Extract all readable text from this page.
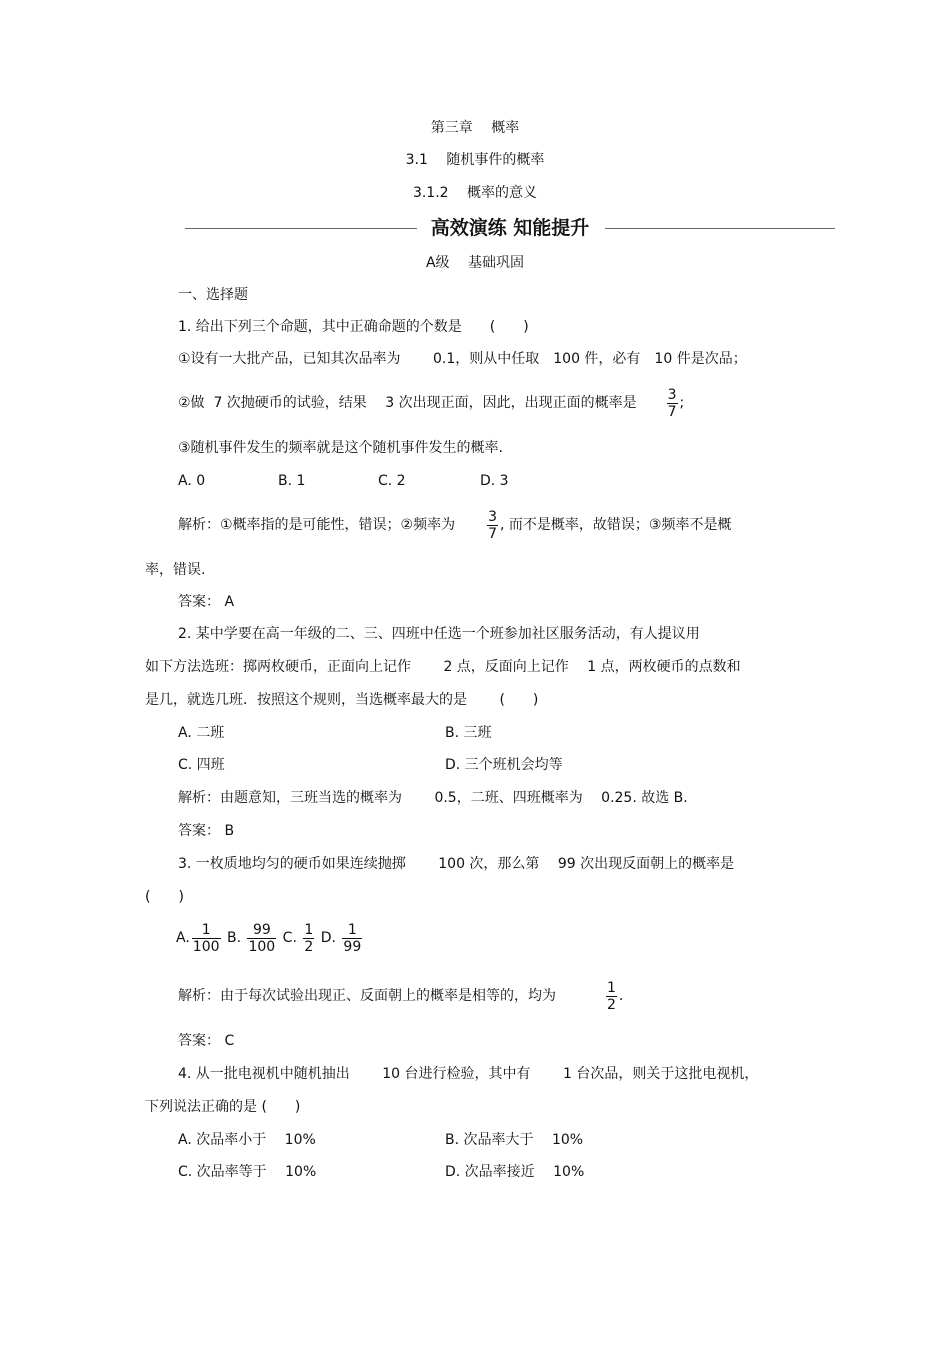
第三章　 概率
3.1　 随机事件的概率
3.1.2　 概率的意义
高效演练 知能提升
A级　 基础巩固
一、选择题
1. 给出下列三个命题，其中正确命题的个数是　　(　　)
①设有一大批产品，已知其次品率为　　 0.1，则从中任取　100 件，必有　10 件是次品；
②做  7 次抛硬币的试验，结果　 3 次出现正面，因此，出现正面的概率是 $\frac{3}{7}$ ;
③随机事件发生的频率就是这个随机事件发生的概率.
A. 0	B. 1	C. 2	D. 3
解析：①概率指的是可能性，错误；②频率为 $\frac{3}{7}$ , 而不是概率，故错误；③频率不是概
率，错误.
答案： A
2. 某中学要在高一年级的二、三、四班中任选一个班参加社区服务活动，有人提议用
如下方法选班：掷两枚硬币，正面向上记作　　 2 点，反面向上记作　 1 点，两枚硬币的点数和
是几，就选几班．按照这个规则，当选概率最大的是　　 (　　)
A. 二班	B. 三班
C. 四班	D. 三个班机会均等
解析：由题意知，三班当选的概率为　　 0.5，二班、四班概率为　 0.25. 故选 B.
答案： B
3. 一枚质地均匀的硬币如果连续抛掷　　 100 次，那么第　 99 次出现反面朝上的概率是
(　　)
A. $\frac{1}{100} B$. $\frac{99}{100} C$. $\frac{1}{2} D$. $\frac{1}{99}$
解析：由于每次试验出现正、反面朝上的概率是相等的，均为	$\frac{1}{2}$ .
答案： C
4. 从一批电视机中随机抽出　　 10 台进行检验，其中有　　 1 台次品，则关于这批电视机，
下列说法正确的是 (　　)
A. 次品率小于　 10%	B. 次品率大于　 10%
C. 次品率等于　 10%	D. 次品率接近　 10%
